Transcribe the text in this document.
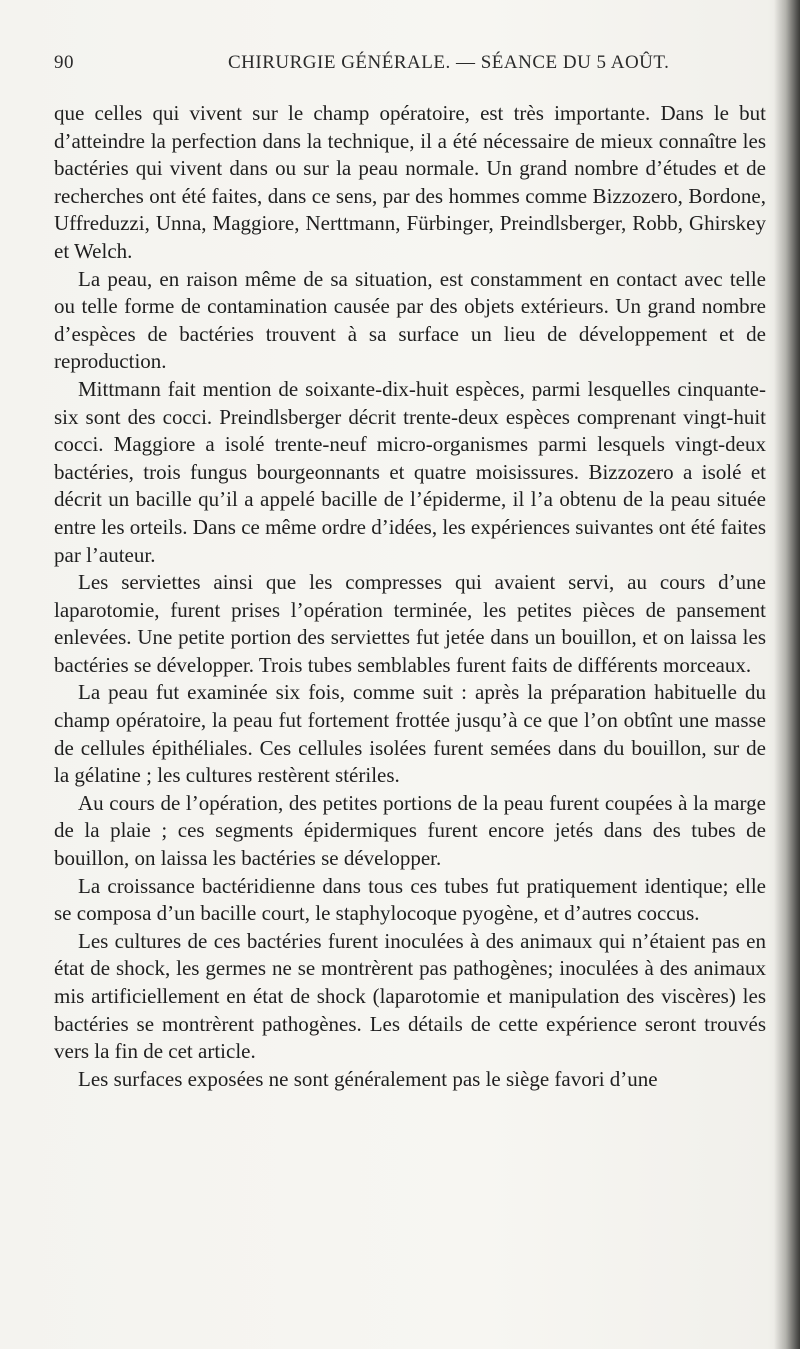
90	CHIRURGIE GÉNÉRALE. — SÉANCE DU 5 AOÛT.

que celles qui vivent sur le champ opératoire, est très importante. Dans le but d’atteindre la perfection dans la technique, il a été nécessaire de mieux connaître les bactéries qui vivent dans ou sur la peau normale. Un grand nombre d’études et de recherches ont été faites, dans ce sens, par des hommes comme Bizzozero, Bordone, Uffreduzzi, Unna, Maggiore, Nerttmann, Fürbinger, Preindlsberger, Robb, Ghirskey et Welch.

La peau, en raison même de sa situation, est constamment en contact avec telle ou telle forme de contamination causée par des objets extérieurs. Un grand nombre d’espèces de bactéries trouvent à sa surface un lieu de développement et de reproduction.

Mittmann fait mention de soixante-dix-huit espèces, parmi lesquelles cinquante-six sont des cocci. Preindlsberger décrit trente-deux espèces comprenant vingt-huit cocci. Maggiore a isolé trente-neuf micro-organismes parmi lesquels vingt-deux bactéries, trois fungus bourgeonnants et quatre moisissures. Bizzozero a isolé et décrit un bacille qu’il a appelé bacille de l’épiderme, il l’a obtenu de la peau située entre les orteils. Dans ce même ordre d’idées, les expériences suivantes ont été faites par l’auteur.

Les serviettes ainsi que les compresses qui avaient servi, au cours d’une laparotomie, furent prises l’opération terminée, les petites pièces de pansement enlevées. Une petite portion des serviettes fut jetée dans un bouillon, et on laissa les bactéries se développer. Trois tubes semblables furent faits de différents morceaux.

La peau fut examinée six fois, comme suit : après la préparation habituelle du champ opératoire, la peau fut fortement frottée jusqu’à ce que l’on obtînt une masse de cellules épithéliales. Ces cellules isolées furent semées dans du bouillon, sur de la gélatine ; les cultures restèrent stériles.

Au cours de l’opération, des petites portions de la peau furent coupées à la marge de la plaie ; ces segments épidermiques furent encore jetés dans des tubes de bouillon, on laissa les bactéries se développer.

La croissance bactéridienne dans tous ces tubes fut pratiquement identique; elle se composa d’un bacille court, le staphylocoque pyogène, et d’autres coccus.

Les cultures de ces bactéries furent inoculées à des animaux qui n’étaient pas en état de shock, les germes ne se montrèrent pas pathogènes; inoculées à des animaux mis artificiellement en état de shock (laparotomie et manipulation des viscères) les bactéries se montrèrent pathogènes. Les détails de cette expérience seront trouvés vers la fin de cet article.

Les surfaces exposées ne sont généralement pas le siège favori d’une
